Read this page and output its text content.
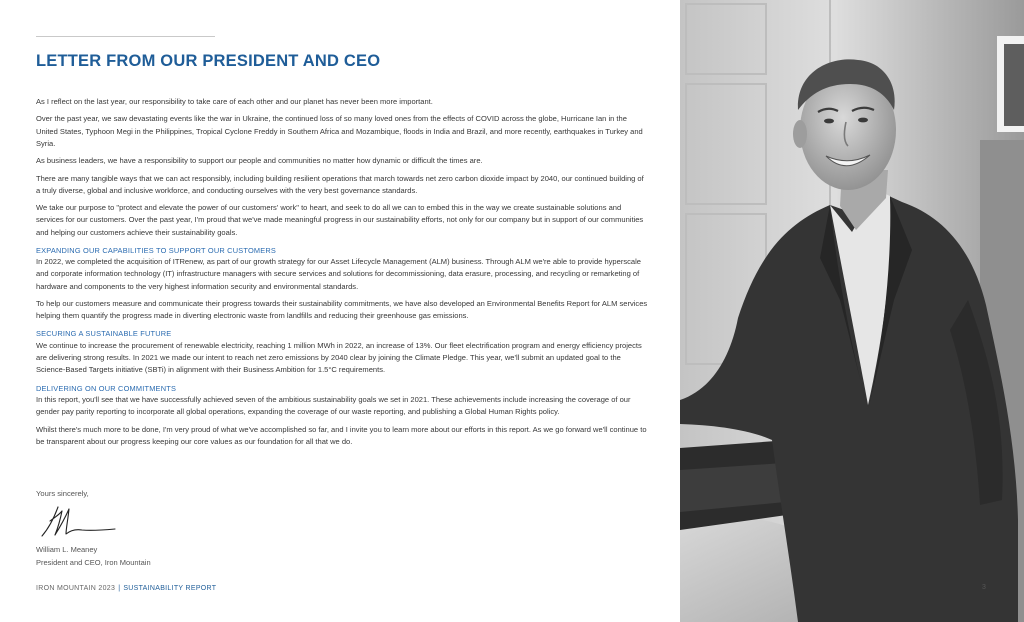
LETTER FROM OUR PRESIDENT AND CEO

As I reflect on the last year, our responsibility to take care of each other and our planet has never been more important.

Over the past year, we saw devastating events like the war in Ukraine, the continued loss of so many loved ones from the effects of COVID across the globe, Hurricane Ian in the United States, Typhoon Megi in the Philippines, Tropical Cyclone Freddy in Southern Africa and Mozambique, floods in India and Brazil, and more recently, earthquakes in Turkey and Syria.

As business leaders, we have a responsibility to support our people and communities no matter how dynamic or difficult the times are.

There are many tangible ways that we can act responsibly, including building resilient operations that march towards net zero carbon dioxide impact by 2040, our continued building of a truly diverse, global and inclusive workforce, and conducting ourselves with the very best governance standards.

We take our purpose to "protect and elevate the power of our customers' work" to heart, and seek to do all we can to embed this in the way we create sustainable solutions and services for our customers. Over the past year, I'm proud that we've made meaningful progress in our sustainability efforts, not only for our company but in support of our communities and helping our customers achieve their sustainability goals.

EXPANDING OUR CAPABILITIES TO SUPPORT OUR CUSTOMERS

In 2022, we completed the acquisition of ITRenew, as part of our growth strategy for our Asset Lifecycle Management (ALM) business. Through ALM we're able to provide hyperscale and corporate information technology (IT) infrastructure managers with secure services and solutions for decommissioning, data erasure, processing, and recycling or remarketing of hardware and components to the very highest information security and environmental standards.

To help our customers measure and communicate their progress towards their sustainability commitments, we have also developed an Environmental Benefits Report for ALM services helping them quantify the progress made in diverting electronic waste from landfills and reducing their greenhouse gas emissions.

SECURING A SUSTAINABLE FUTURE

We continue to increase the procurement of renewable electricity, reaching 1 million MWh in 2022, an increase of 13%. Our fleet electrification program and energy efficiency projects are delivering strong results. In 2021 we made our intent to reach net zero emissions by 2040 clear by joining the Climate Pledge. This year, we'll submit an updated goal to the Science-Based Targets initiative (SBTi) in alignment with their Business Ambition for 1.5°C requirements.

DELIVERING ON OUR COMMITMENTS

In this report, you'll see that we have successfully achieved seven of the ambitious sustainability goals we set in 2021. These achievements include increasing the coverage of our gender pay parity reporting to incorporate all global operations, expanding the coverage of our waste reporting, and publishing a Global Human Rights policy.

Whilst there's much more to be done, I'm very proud of what we've accomplished so far, and I invite you to learn more about our efforts in this report. As we go forward we'll continue to be transparent about our progress keeping our core values as our foundation for all that we do.

Yours sincerely,
William L. Meaney
President and CEO, Iron Mountain
IRON MOUNTAIN 2023 | SUSTAINABILITY REPORT	3
